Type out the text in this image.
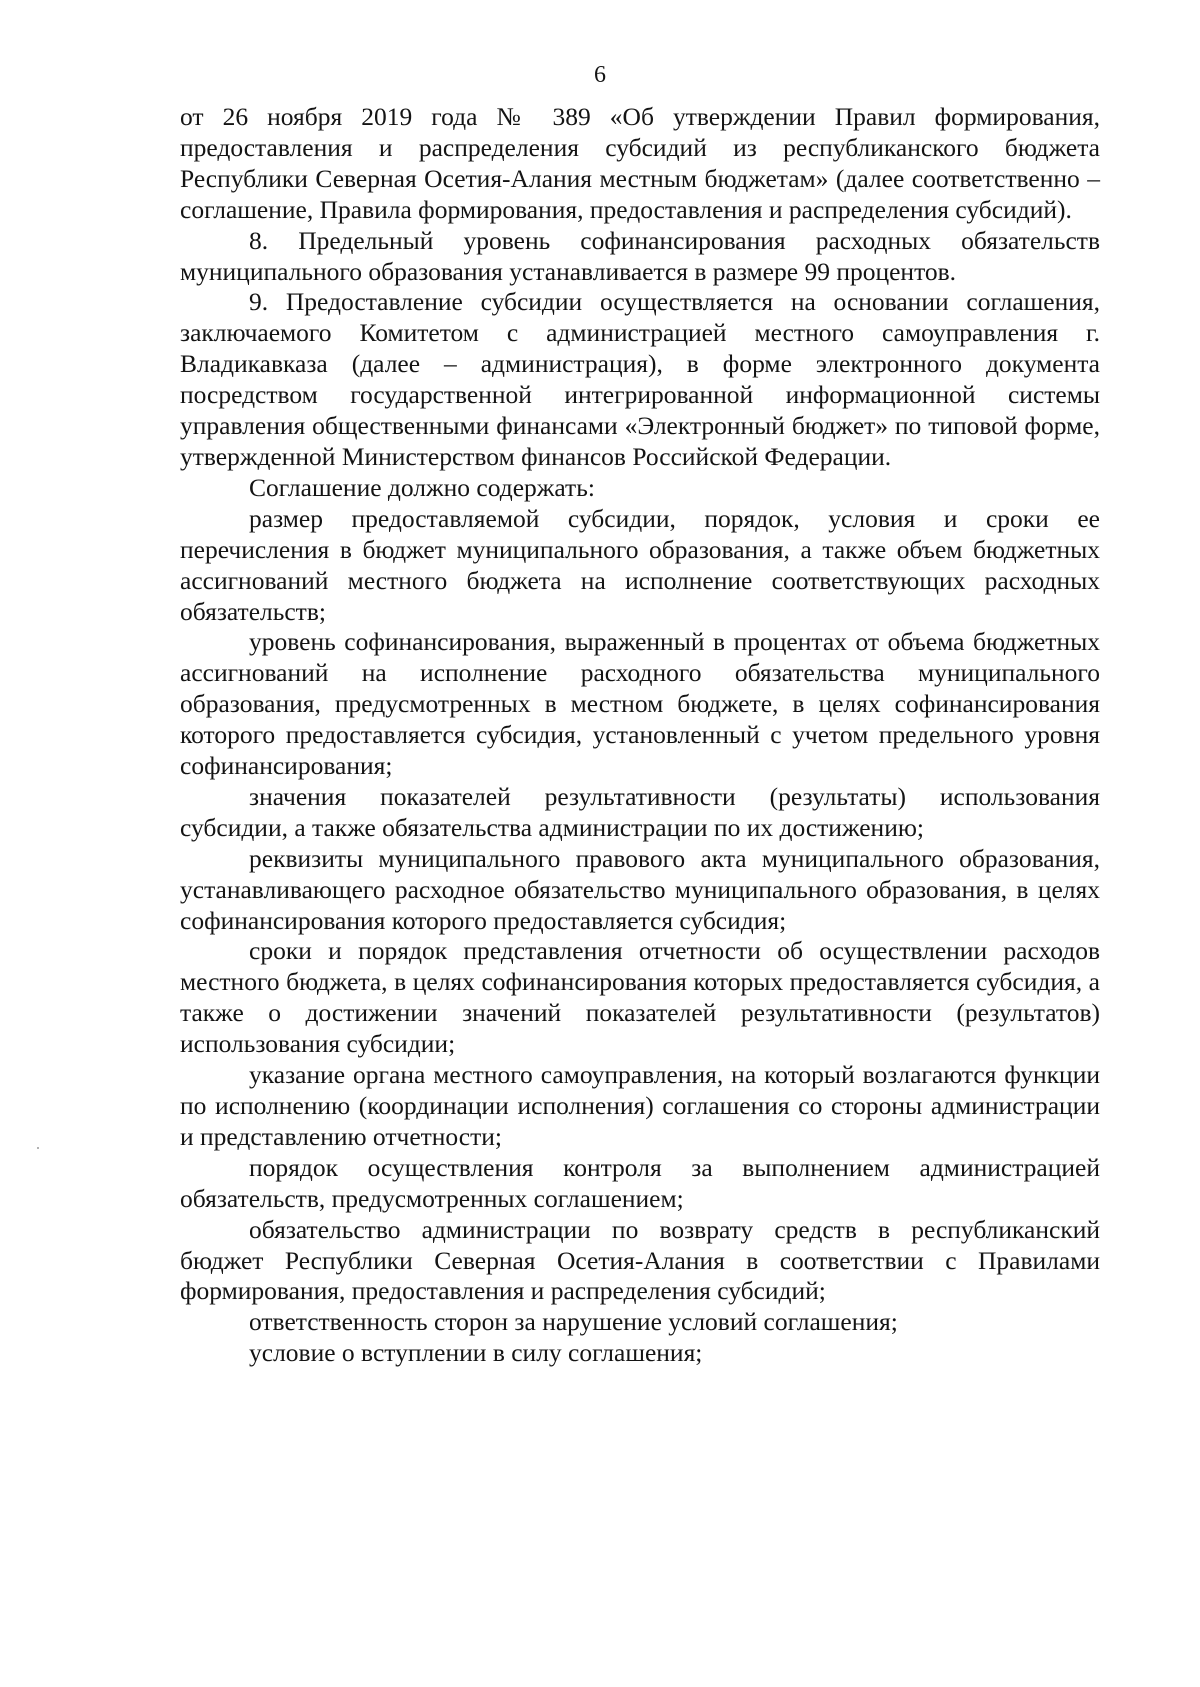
6

от 26 ноября 2019 года № 389 «Об утверждении Правил формирования, предоставления и распределения субсидий из республиканского бюджета Республики Северная Осетия-Алания местным бюджетам» (далее соответственно – соглашение, Правила формирования, предоставления и распределения субсидий).

8. Предельный уровень софинансирования расходных обязательств муниципального образования устанавливается в размере 99 процентов.

9. Предоставление субсидии осуществляется на основании соглашения, заключаемого Комитетом с администрацией местного самоуправления г. Владикавказа (далее – администрация), в форме электронного документа посредством государственной интегрированной информационной системы управления общественными финансами «Электронный бюджет» по типовой форме, утвержденной Министерством финансов Российской Федерации.

Соглашение должно содержать:

размер предоставляемой субсидии, порядок, условия и сроки ее перечисления в бюджет муниципального образования, а также объем бюджетных ассигнований местного бюджета на исполнение соответствующих расходных обязательств;

уровень софинансирования, выраженный в процентах от объема бюджетных ассигнований на исполнение расходного обязательства муниципального образования, предусмотренных в местном бюджете, в целях софинансирования которого предоставляется субсидия, установленный с учетом предельного уровня софинансирования;

значения показателей результативности (результаты) использования субсидии, а также обязательства администрации по их достижению;

реквизиты муниципального правового акта муниципального образования, устанавливающего расходное обязательство муниципального образования, в целях софинансирования которого предоставляется субсидия;

сроки и порядок представления отчетности об осуществлении расходов местного бюджета, в целях софинансирования которых предоставляется субсидия, а также о достижении значений показателей результативности (результатов) использования субсидии;

указание органа местного самоуправления, на который возлагаются функции по исполнению (координации исполнения) соглашения со стороны администрации и представлению отчетности;

порядок осуществления контроля за выполнением администрацией обязательств, предусмотренных соглашением;

обязательство администрации по возврату средств в республиканский бюджет Республики Северная Осетия-Алания в соответствии с Правилами формирования, предоставления и распределения субсидий;

ответственность сторон за нарушение условий соглашения;

условие о вступлении в силу соглашения;
